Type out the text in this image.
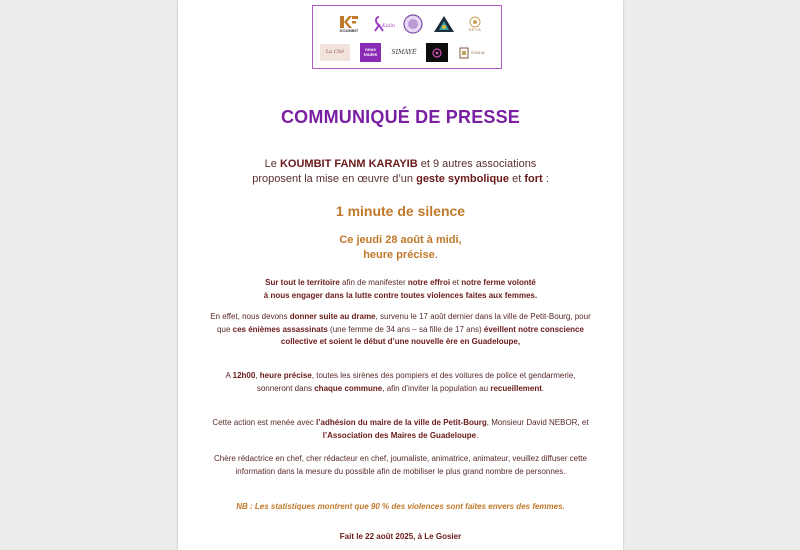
KOUMBIT
Kalin
DEYA
La Cité	nous toutes	SIMAYÉ	SONIA
COMMUNIQUÉ DE PRESSE
Le KOUMBIT FANM KARAYIB et 9 autres associations
proposent la mise en œuvre d’un geste symbolique et fort :
1 minute de silence
Ce jeudi 28 août à midi,
heure précise.
Sur tout le territoire afin de manifester notre effroi et notre ferme volonté
à nous engager dans la lutte contre toutes violences faites aux femmes.
En effet, nous devons donner suite au drame, survenu le 17 août dernier dans la ville de Petit-Bourg, pour que ces énièmes assassinats (une femme de 34 ans – sa fille de 17 ans) éveillent notre conscience collective et soient le début d’une nouvelle ère en Guadeloupe,
A 12h00, heure précise, toutes les sirènes des pompiers et des voitures de police et gendarmerie, sonneront dans chaque commune, afin d’inviter la population au recueillement.
Cette action est menée avec l’adhésion du maire de la ville de Petit-Bourg, Monsieur David NEBOR, et l’Association des Maires de Guadeloupe.
Chère rédactrice en chef, cher rédacteur en chef, journaliste, animatrice, animateur, veuillez diffuser cette information dans la mesure du possible afin de mobiliser le plus grand nombre de personnes.
NB : Les statistiques montrent que 90 % des violences sont faites envers des femmes.
Fait le 22 août 2025, à Le Gosier
